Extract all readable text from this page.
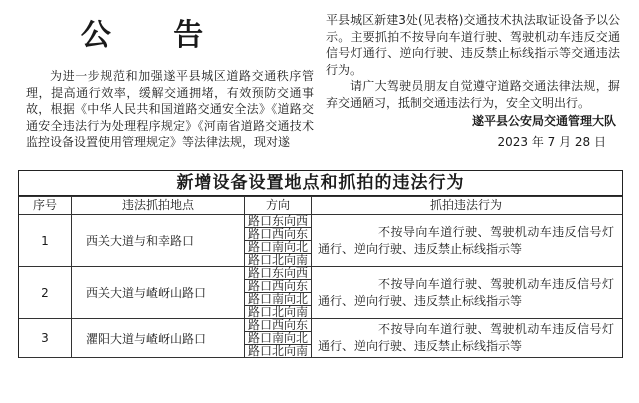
公 告

为进一步规范和加强遂平县城区道路交通秩序管理，提高通行效率，缓解交通拥堵，有效预防交通事故，根据《中华人民共和国道路交通安全法》《道路交通安全违法行为处理程序规定》《河南省道路交通技术监控设备设置使用管理规定》等法律法规，现对遂

平县城区新建3处(见表格)交通技术执法取证设备予以公示。主要抓拍不按导向车道行驶、驾驶机动车违反交通信号灯通行、逆向行驶、违反禁止标线指示等交通违法行为。

请广大驾驶员朋友自觉遵守道路交通法律法规，摒弃交通陋习，抵制交通违法行为，安全文明出行。

遂平县公安局交通管理大队

2023 年 7 月 28 日

新增设备设置地点和抓拍的违法行为
序号	违法抓拍地点	方向	抓拍违法行为
1	西关大道与和幸路口	路口东向西
路口西向东
路口南向北
路口北向南	不按导向车道行驶、驾驶机动车违反信号灯通行、逆向行驶、违反禁止标线指示等

2	西关大道与嵖岈山路口	路口东向西
路口西向东
路口南向北
路口北向南	不按导向车道行驶、驾驶机动车违反信号灯通行、逆向行驶、违反禁止标线指示等

3	灈阳大道与嵖岈山路口	路口西向东
路口南向北
路口北向南	不按导向车道行驶、驾驶机动车违反信号灯通行、逆向行驶、违反禁止标线指示等
